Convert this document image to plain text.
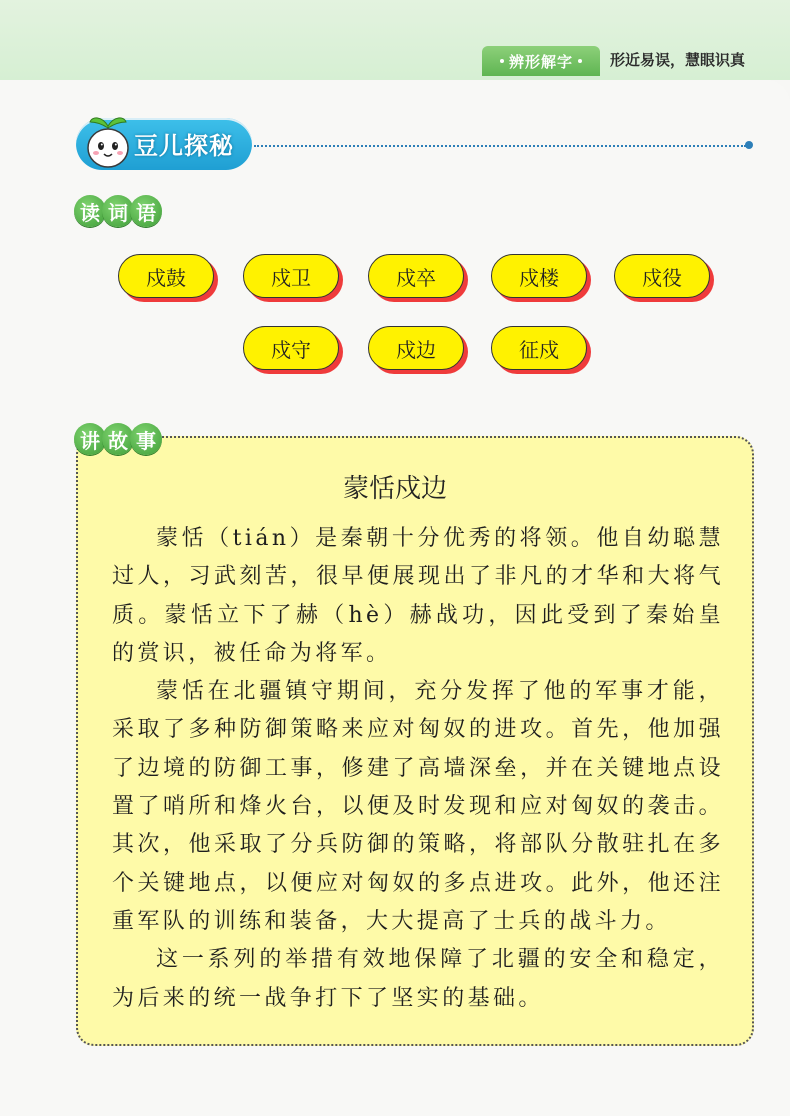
辨形解字 形近易误，慧眼识真
豆儿探秘
读 词 语
戍鼓	戍卫	戍卒	戍楼	戍役
戍守	戍边	征戍
讲 故 事
蒙恬戍边

蒙恬（tián）是秦朝十分优秀的将领。他自幼聪慧过人，习武刻苦，很早便展现出了非凡的才华和大将气质。蒙恬立下了赫（hè）赫战功，因此受到了秦始皇的赏识，被任命为将军。

蒙恬在北疆镇守期间，充分发挥了他的军事才能，采取了多种防御策略来应对匈奴的进攻。首先，他加强了边境的防御工事，修建了高墙深垒，并在关键地点设置了哨所和烽火台，以便及时发现和应对匈奴的袭击。其次，他采取了分兵防御的策略，将部队分散驻扎在多个关键地点，以便应对匈奴的多点进攻。此外，他还注重军队的训练和装备，大大提高了士兵的战斗力。

这一系列的举措有效地保障了北疆的安全和稳定，为后来的统一战争打下了坚实的基础。
